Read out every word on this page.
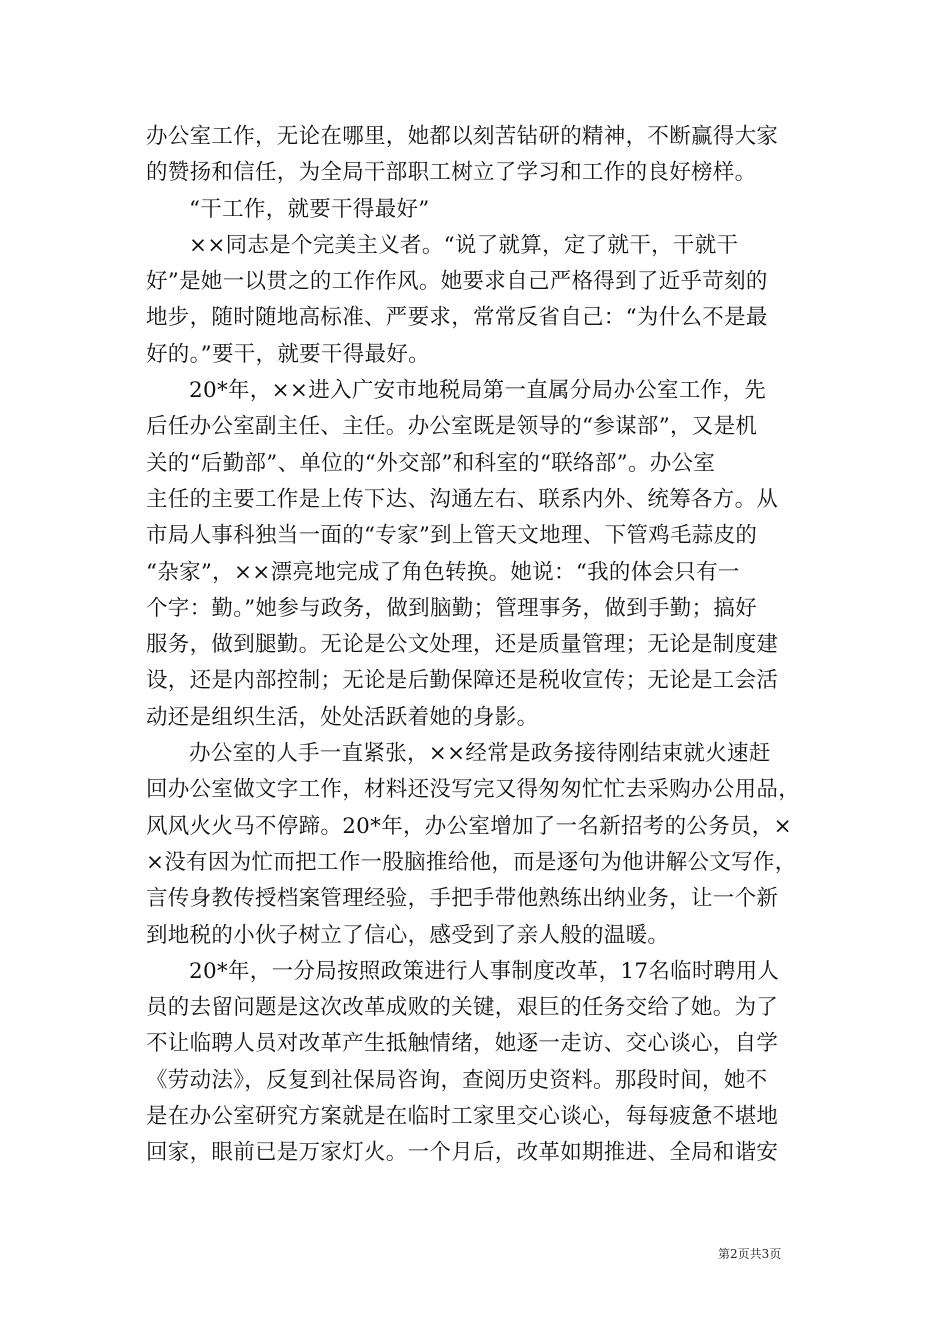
办公室工作，无论在哪里，她都以刻苦钻研的精神，不断赢得大家
的赞扬和信任，为全局干部职工树立了学习和工作的良好榜样。
“干工作，就要干得最好”
××同志是个完美主义者。“说了就算，定了就干，干就干
好”是她一以贯之的工作作风。她要求自己严格得到了近乎苛刻的
地步，随时随地高标准、严要求，常常反省自己：“为什么不是最
好的。”要干，就要干得最好。
20*年，××进入广安市地税局第一直属分局办公室工作，先
后任办公室副主任、主任。办公室既是领导的“参谋部”，又是机
关的“后勤部”、单位的“外交部”和科室的“联络部”。办公室
主任的主要工作是上传下达、沟通左右、联系内外、统筹各方。从
市局人事科独当一面的“专家”到上管天文地理、下管鸡毛蒜皮的
“杂家”，××漂亮地完成了角色转换。她说：“我的体会只有一
个字：勤。”她参与政务，做到脑勤；管理事务，做到手勤；搞好
服务，做到腿勤。无论是公文处理，还是质量管理；无论是制度建
设，还是内部控制；无论是后勤保障还是税收宣传；无论是工会活
动还是组织生活，处处活跃着她的身影。
办公室的人手一直紧张，××经常是政务接待刚结束就火速赶
回办公室做文字工作，材料还没写完又得匆匆忙忙去采购办公用品，
风风火火马不停蹄。20*年，办公室增加了一名新招考的公务员，×
×没有因为忙而把工作一股脑推给他，而是逐句为他讲解公文写作，
言传身教传授档案管理经验，手把手带他熟练出纳业务，让一个新
到地税的小伙子树立了信心，感受到了亲人般的温暖。
20*年，一分局按照政策进行人事制度改革，17名临时聘用人
员的去留问题是这次改革成败的关键，艰巨的任务交给了她。为了
不让临聘人员对改革产生抵触情绪，她逐一走访、交心谈心，自学
《劳动法》，反复到社保局咨询，查阅历史资料。那段时间，她不
是在办公室研究方案就是在临时工家里交心谈心，每每疲惫不堪地
回家，眼前已是万家灯火。一个月后，改革如期推进、全局和谐安
第2页共3页
